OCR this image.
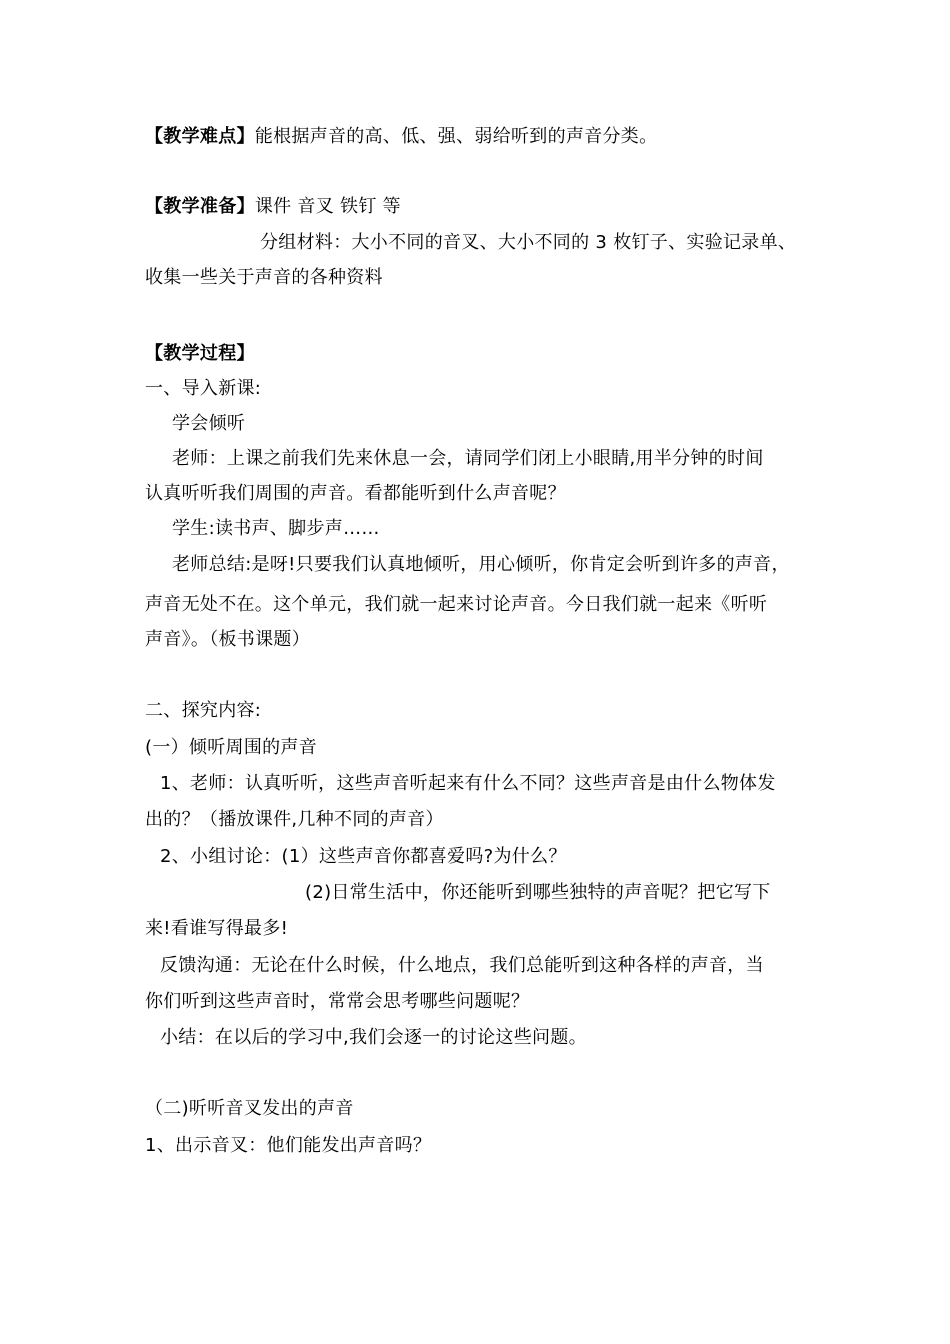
【教学难点】能根据声音的高、低、强、弱给听到的声音分类。
【教学准备】课件 音叉 铁钉 等
分组材料：大小不同的音叉、大小不同的 3 枚钉子、实验记录单、
收集一些关于声音的各种资料
【教学过程】
一、导入新课:
学会倾听
老师：上课之前我们先来休息一会，请同学们闭上小眼睛,用半分钟的时间
认真听听我们周围的声音。看都能听到什么声音呢？
学生:读书声、脚步声……
老师总结:是呀!只要我们认真地倾听，用心倾听，你肯定会听到许多的声音，
声音无处不在。这个单元，我们就一起来讨论声音。今日我们就一起来《听听
声音》。（板书课题）
二、探究内容:
(一）倾听周围的声音
1、老师：认真听听，这些声音听起来有什么不同？这些声音是由什么物体发
出的？（播放课件,几种不同的声音）
2、小组讨论：(1）这些声音你都喜爱吗?为什么？
(2)日常生活中，你还能听到哪些独特的声音呢？把它写下
来!看谁写得最多!
反馈沟通：无论在什么时候，什么地点，我们总能听到这种各样的声音，当
你们听到这些声音时，常常会思考哪些问题呢？
小结：在以后的学习中,我们会逐一的讨论这些问题。
（二)听听音叉发出的声音
1、出示音叉：他们能发出声音吗？
